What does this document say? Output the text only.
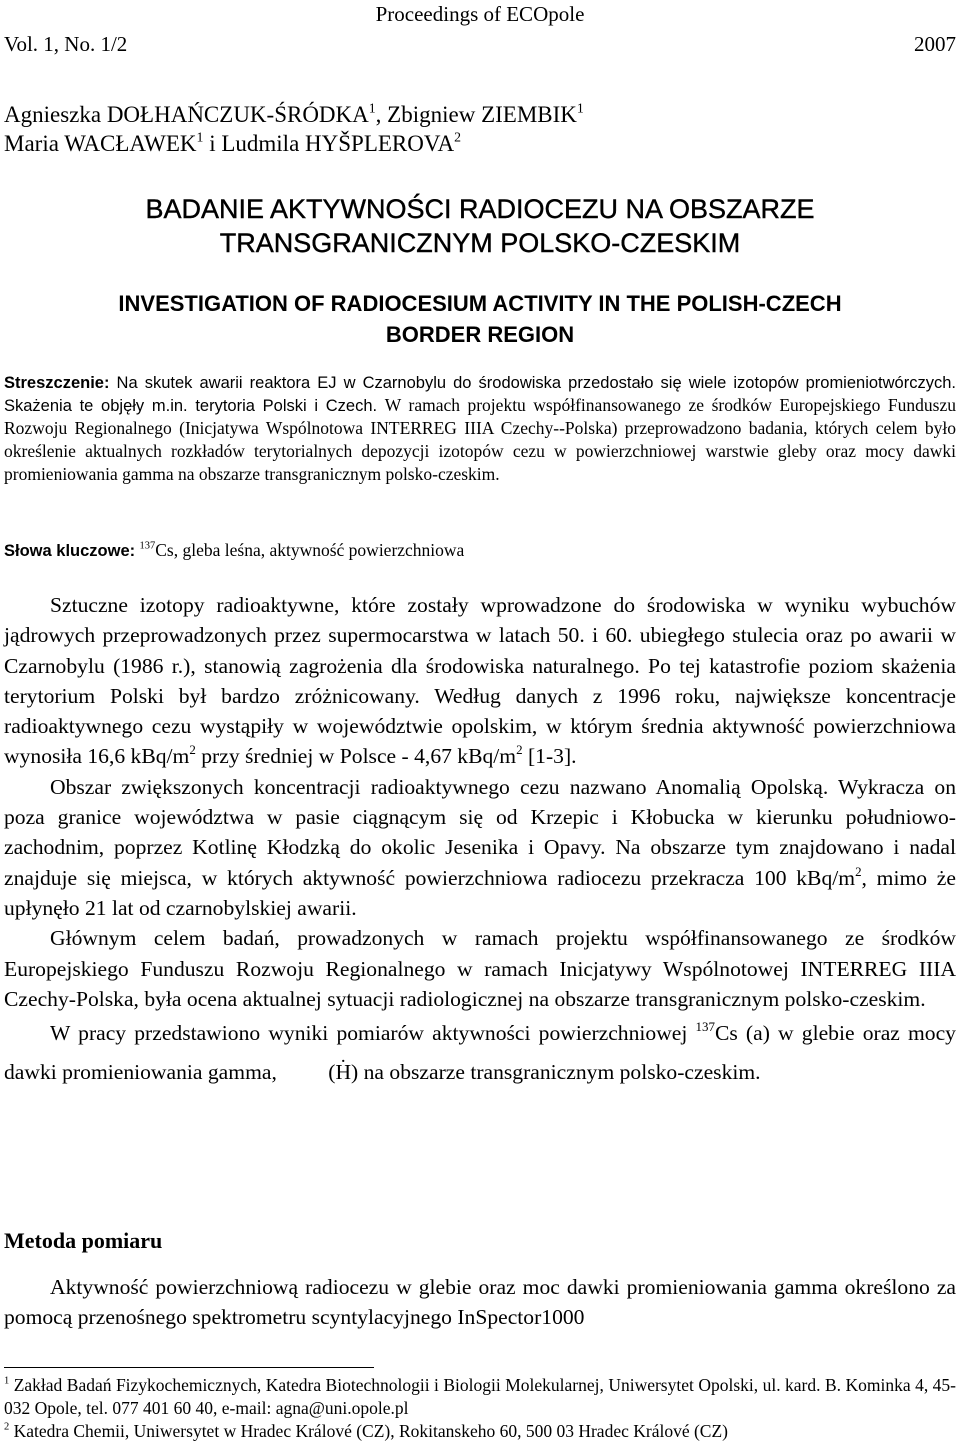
Proceedings of ECOpole
Vol. 1, No. 1/2	2007
Agnieszka DOŁHAŃCZUK-ŚRÓDKA$^1$, Zbigniew ZIEMBIK$^1$
Maria WACŁAWEK$^1$ i Ludmila HYŠPLEROVA$^2$
BADANIE AKTYWNOŚCI RADIOCEZU NA OBSZARZE
TRANSGRANICZNYM POLSKO-CZESKIM
INVESTIGATION OF RADIOCESIUM ACTIVITY IN THE POLISH-CZECH
BORDER REGION
Streszczenie: Na skutek awarii reaktora EJ w Czarnobylu do środowiska przedostało się wiele izotopów promieniotwórczych. Skażenia te objęły m.in. terytoria Polski i Czech. W ramach projektu współfinansowanego ze środków Europejskiego Funduszu Rozwoju Regionalnego (Inicjatywa Wspólnotowa INTERREG IIIA Czechy--Polska) przeprowadzono badania, których celem było określenie aktualnych rozkładów terytorialnych depozycji izotopów cezu w powierzchniowej warstwie gleby oraz mocy dawki promieniowania gamma na obszarze transgranicznym polsko-czeskim.
Słowa kluczowe: $^{137}$Cs, gleba leśna, aktywność powierzchniowa

Sztuczne izotopy radioaktywne, które zostały wprowadzone do środowiska w wyniku wybuchów jądrowych przeprowadzonych przez supermocarstwa w latach 50. i 60. ubiegłego stulecia oraz po awarii w Czarnobylu (1986 r.), stanowią zagrożenia dla środowiska naturalnego. Po tej katastrofie poziom skażenia terytorium Polski był bardzo zróżnicowany. Według danych z 1996 roku, największe koncentracje radioaktywnego cezu wystąpiły w województwie opolskim, w którym średnia aktywność powierzchniowa wynosiła 16,6 kBq/$m^2$ przy średniej w Polsce - 4,67 kBq/$m^2$ [1-3].

Obszar zwiększonych koncentracji radioaktywnego cezu nazwano Anomalią Opolską. Wykracza on poza granice województwa w pasie ciągnącym się od Krzepic i Kłobucka w kierunku południowo-zachodnim, poprzez Kotlinę Kłodzką do okolic Jesenika i Opavy. Na obszarze tym znajdowano i nadal znajduje się miejsca, w których aktywność powierzchniowa radiocezu przekracza 100 kBq/$m^2$, mimo że upłynęło 21 lat od czarnobylskiej awarii.

Głównym celem badań, prowadzonych w ramach projektu współfinansowanego ze środków Europejskiego Funduszu Rozwoju Regionalnego w ramach Inicjatywy Wspólnotowej INTERREG IIIA Czechy-Polska, była ocena aktualnej sytuacji radiologicznej na obszarze transgranicznym polsko-czeskim.

W pracy przedstawiono wyniki pomiarów aktywności powierzchniowej $^{137}$Cs (a) w glebie oraz mocy dawki promieniowania gamma, · (H) na obszarze transgranicznym polsko-czeskim.

Metoda pomiaru

Aktywność powierzchniową radiocezu w glebie oraz moc dawki promieniowania gamma określono za pomocą przenośnego spektrometru scyntylacyjnego InSpector1000

$^1$ Zakład Badań Fizykochemicznych, Katedra Biotechnologii i Biologii Molekularnej, Uniwersytet Opolski, ul. kard. B. Kominka 4, 45-032 Opole, tel. 077 401 60 40, e-mail: agna@uni.opole.pl

$^2$ Katedra Chemii, Uniwersytet w Hradec Králové (CZ), Rokitanskeho 60, 500 03 Hradec Králové (CZ)
